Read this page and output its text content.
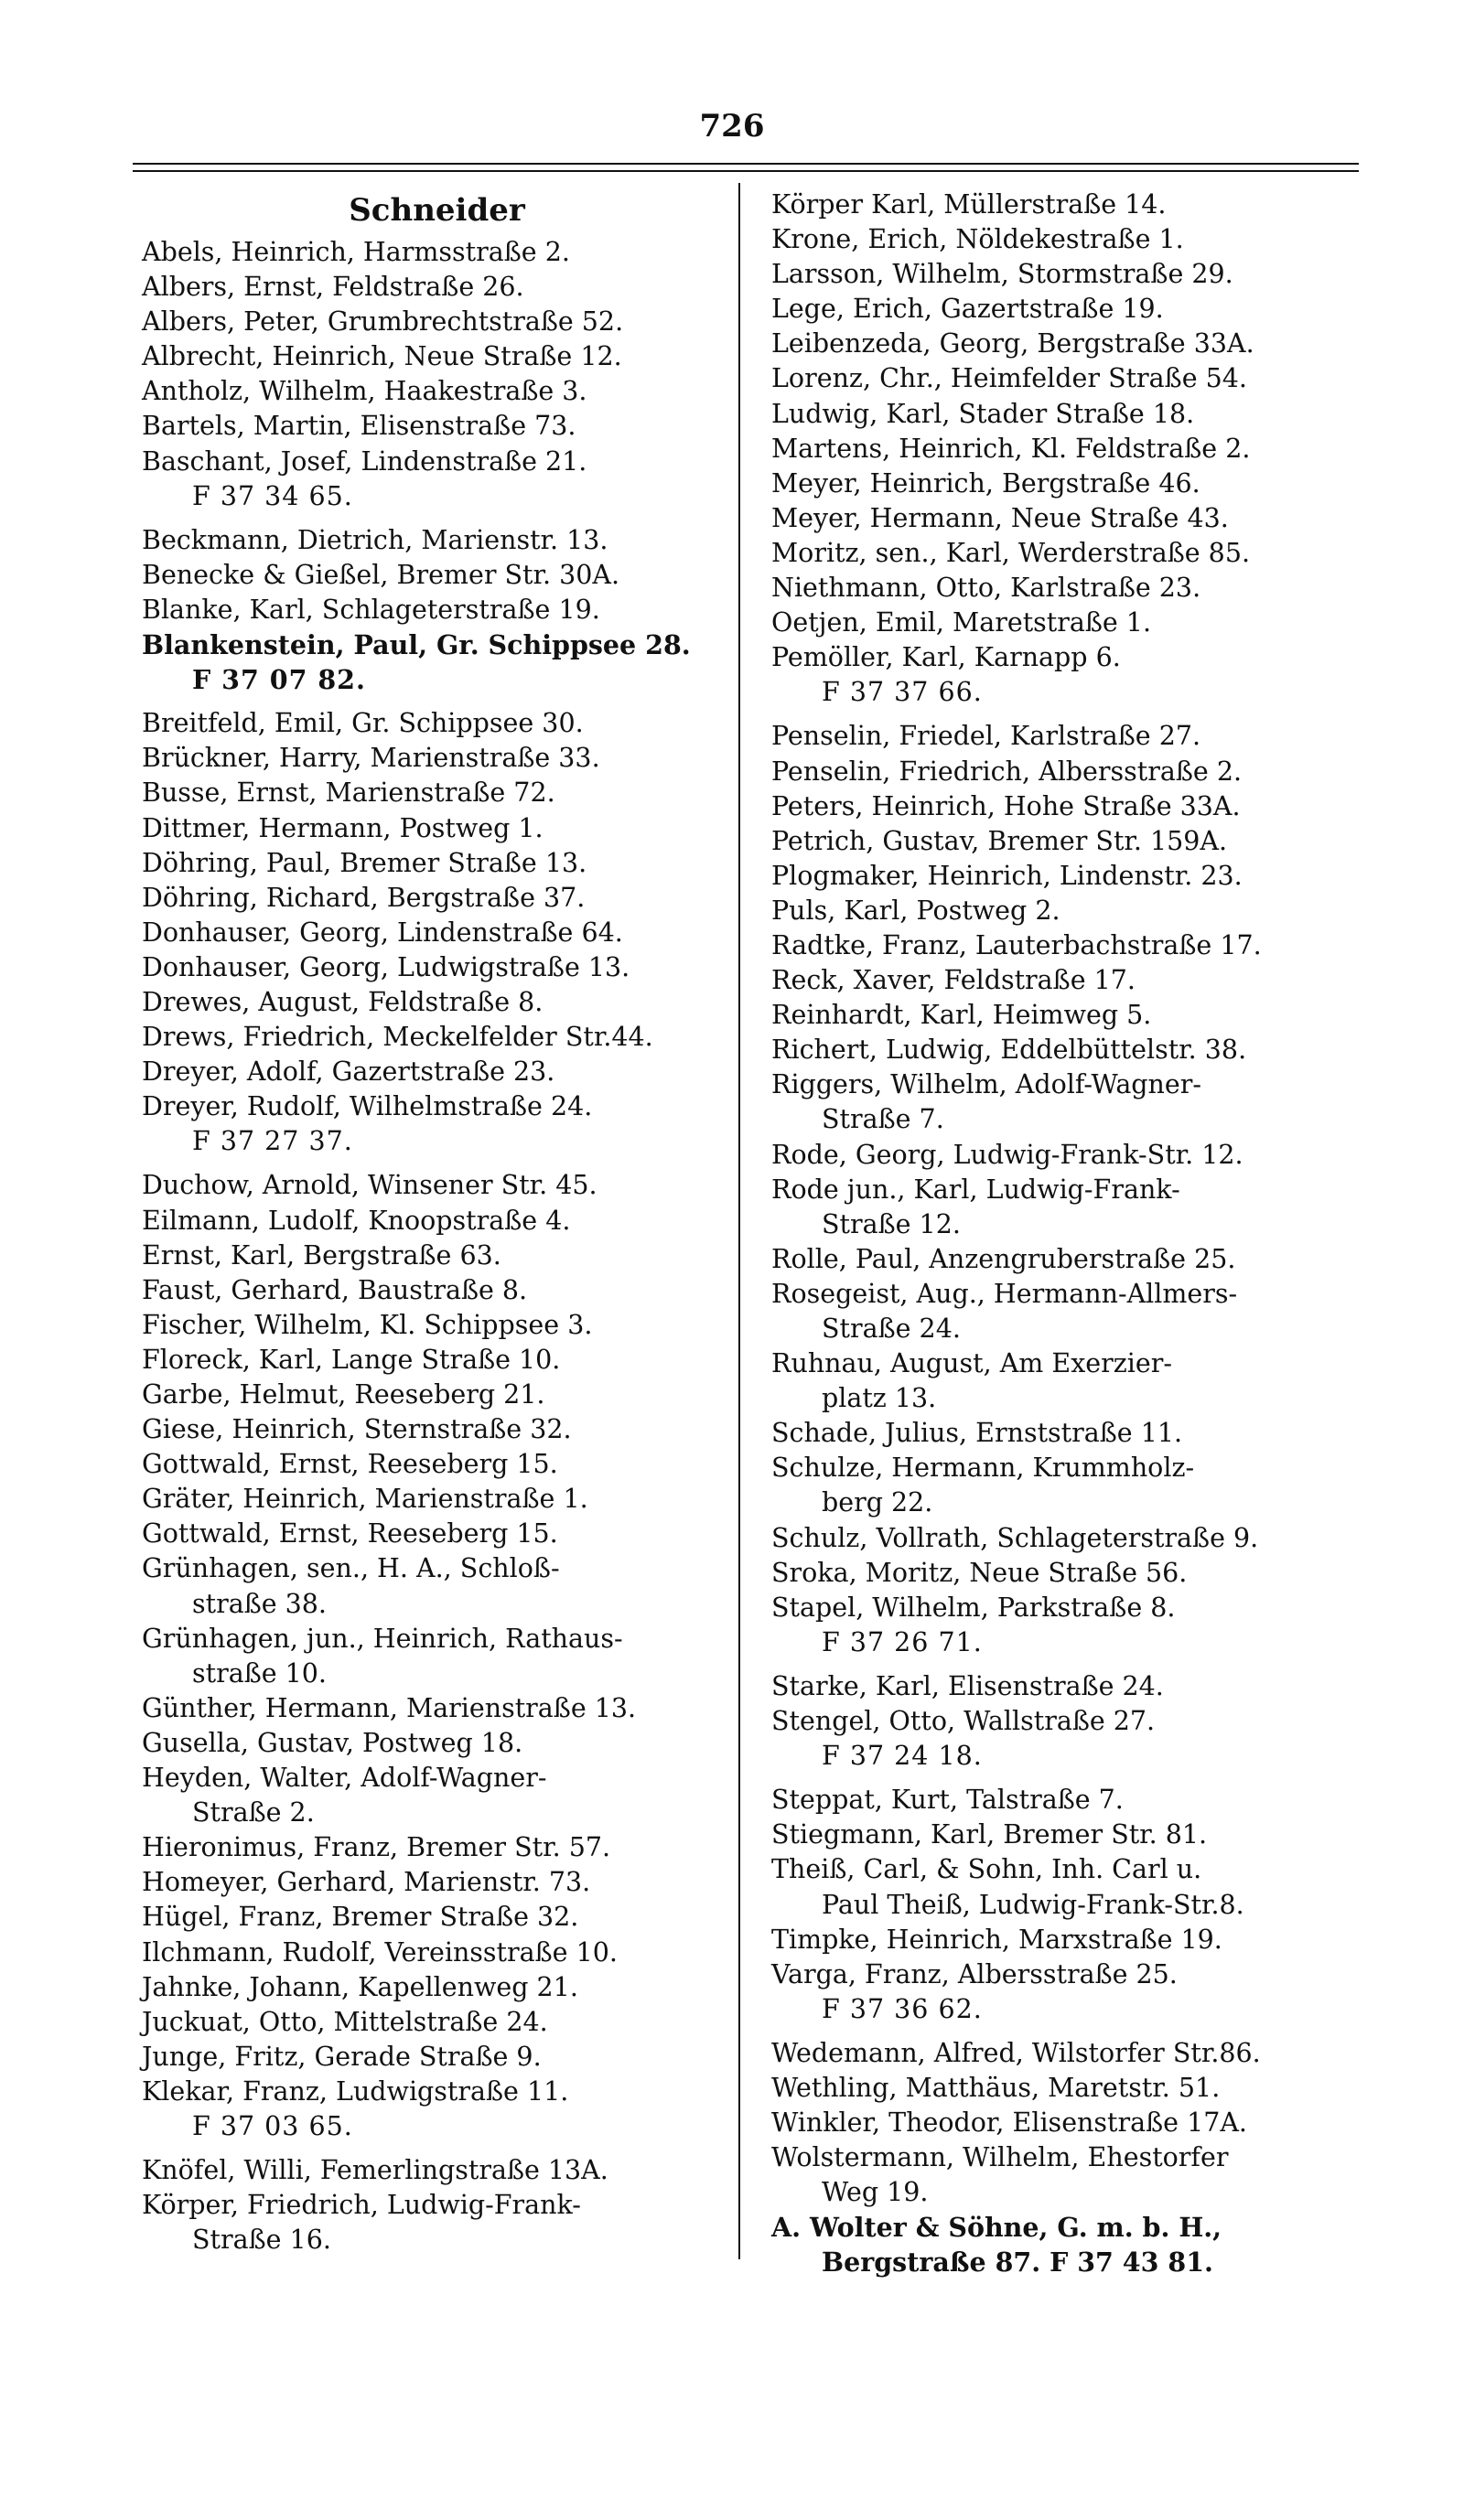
726
Schneider
Abels, Heinrich, Harmsstraße 2.
Albers, Ernst, Feldstraße 26.
Albers, Peter, Grumbrechtstraße 52.
Albrecht, Heinrich, Neue Straße 12.
Antholz, Wilhelm, Haakestraße 3.
Bartels, Martin, Elisenstraße 73.
Baschant, Josef, Lindenstraße 21.
F 37 34 65.
Beckmann, Dietrich, Marienstr. 13.
Benecke & Gießel, Bremer Str. 30A.
Blanke, Karl, Schlageterstraße 19.
Blankenstein, Paul, Gr. Schippsee 28.
F 37 07 82.
Breitfeld, Emil, Gr. Schippsee 30.
Brückner, Harry, Marienstraße 33.
Busse, Ernst, Marienstraße 72.
Dittmer, Hermann, Postweg 1.
Döhring, Paul, Bremer Straße 13.
Döhring, Richard, Bergstraße 37.
Donhauser, Georg, Lindenstraße 64.
Donhauser, Georg, Ludwigstraße 13.
Drewes, August, Feldstraße 8.
Drews, Friedrich, Meckelfelder Str.44.
Dreyer, Adolf, Gazertstraße 23.
Dreyer, Rudolf, Wilhelmstraße 24.
F 37 27 37.
Duchow, Arnold, Winsener Str. 45.
Eilmann, Ludolf, Knoopstraße 4.
Ernst, Karl, Bergstraße 63.
Faust, Gerhard, Baustraße 8.
Fischer, Wilhelm, Kl. Schippsee 3.
Floreck, Karl, Lange Straße 10.
Garbe, Helmut, Reeseberg 21.
Giese, Heinrich, Sternstraße 32.
Gottwald, Ernst, Reeseberg 15.
Gräter, Heinrich, Marienstraße 1.
Gottwald, Ernst, Reeseberg 15.
Grünhagen, sen., H. A., Schloß-
straße 38.
Grünhagen, jun., Heinrich, Rathaus-
straße 10.
Günther, Hermann, Marienstraße 13.
Gusella, Gustav, Postweg 18.
Heyden, Walter, Adolf-Wagner-
Straße 2.
Hieronimus, Franz, Bremer Str. 57.
Homeyer, Gerhard, Marienstr. 73.
Hügel, Franz, Bremer Straße 32.
Ilchmann, Rudolf, Vereinsstraße 10.
Jahnke, Johann, Kapellenweg 21.
Juckuat, Otto, Mittelstraße 24.
Junge, Fritz, Gerade Straße 9.
Klekar, Franz, Ludwigstraße 11.
F 37 03 65.
Knöfel, Willi, Femerlingstraße 13A.
Körper, Friedrich, Ludwig-Frank-
Straße 16.
Körper Karl, Müllerstraße 14.
Krone, Erich, Nöldekestraße 1.
Larsson, Wilhelm, Stormstraße 29.
Lege, Erich, Gazertstraße 19.
Leibenzeda, Georg, Bergstraße 33A.
Lorenz, Chr., Heimfelder Straße 54.
Ludwig, Karl, Stader Straße 18.
Martens, Heinrich, Kl. Feldstraße 2.
Meyer, Heinrich, Bergstraße 46.
Meyer, Hermann, Neue Straße 43.
Moritz, sen., Karl, Werderstraße 85.
Niethmann, Otto, Karlstraße 23.
Oetjen, Emil, Maretstraße 1.
Pemöller, Karl, Karnapp 6.
F 37 37 66.
Penselin, Friedel, Karlstraße 27.
Penselin, Friedrich, Albersstraße 2.
Peters, Heinrich, Hohe Straße 33A.
Petrich, Gustav, Bremer Str. 159A.
Plogmaker, Heinrich, Lindenstr. 23.
Puls, Karl, Postweg 2.
Radtke, Franz, Lauterbachstraße 17.
Reck, Xaver, Feldstraße 17.
Reinhardt, Karl, Heimweg 5.
Richert, Ludwig, Eddelbüttelstr. 38.
Riggers, Wilhelm, Adolf-Wagner-
Straße 7.
Rode, Georg, Ludwig-Frank-Str. 12.
Rode jun., Karl, Ludwig-Frank-
Straße 12.
Rolle, Paul, Anzengruberstraße 25.
Rosegeist, Aug., Hermann-Allmers-
Straße 24.
Ruhnau, August, Am Exerzier-
platz 13.
Schade, Julius, Ernststraße 11.
Schulze, Hermann, Krummholz-
berg 22.
Schulz, Vollrath, Schlageterstraße 9.
Sroka, Moritz, Neue Straße 56.
Stapel, Wilhelm, Parkstraße 8.
F 37 26 71.
Starke, Karl, Elisenstraße 24.
Stengel, Otto, Wallstraße 27.
F 37 24 18.
Steppat, Kurt, Talstraße 7.
Stiegmann, Karl, Bremer Str. 81.
Theiß, Carl, & Sohn, Inh. Carl u.
Paul Theiß, Ludwig-Frank-Str.8.
Timpke, Heinrich, Marxstraße 19.
Varga, Franz, Albersstraße 25.
F 37 36 62.
Wedemann, Alfred, Wilstorfer Str.86.
Wethling, Matthäus, Maretstr. 51.
Winkler, Theodor, Elisenstraße 17A.
Wolstermann, Wilhelm, Ehestorfer
Weg 19.
A. Wolter & Söhne, G. m. b. H.,
Bergstraße 87. F 37 43 81.
